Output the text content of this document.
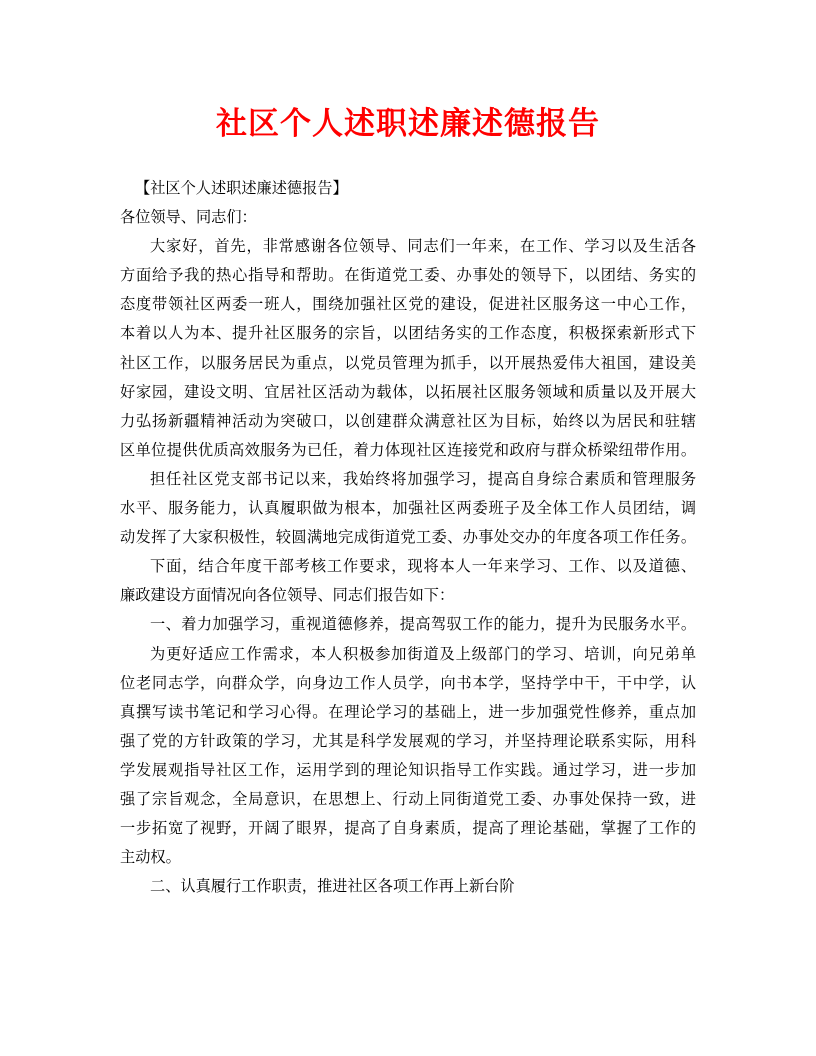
社区个人述职述廉述德报告
【社区个人述职述廉述德报告】
各位领导、同志们：
大家好，首先，非常感谢各位领导、同志们一年来，在工作、学习以及生活各
方面给予我的热心指导和帮助。在街道党工委、办事处的领导下，以团结、务实的
态度带领社区两委一班人，围绕加强社区党的建设，促进社区服务这一中心工作，
本着以人为本、提升社区服务的宗旨，以团结务实的工作态度，积极探索新形式下
社区工作，以服务居民为重点，以党员管理为抓手，以开展热爱伟大祖国，建设美
好家园，建设文明、宜居社区活动为载体，以拓展社区服务领域和质量以及开展大
力弘扬新疆精神活动为突破口，以创建群众满意社区为目标，始终以为居民和驻辖
区单位提供优质高效服务为已任，着力体现社区连接党和政府与群众桥梁纽带作用。
担任社区党支部书记以来，我始终将加强学习，提高自身综合素质和管理服务
水平、服务能力，认真履职做为根本，加强社区两委班子及全体工作人员团结，调
动发挥了大家积极性，较圆满地完成街道党工委、办事处交办的年度各项工作任务。
下面，结合年度干部考核工作要求，现将本人一年来学习、工作、以及道德、
廉政建设方面情况向各位领导、同志们报告如下：
一、着力加强学习，重视道德修养，提高驾驭工作的能力，提升为民服务水平。
为更好适应工作需求，本人积极参加街道及上级部门的学习、培训，向兄弟单
位老同志学，向群众学，向身边工作人员学，向书本学，坚持学中干，干中学，认
真撰写读书笔记和学习心得。在理论学习的基础上，进一步加强党性修养，重点加
强了党的方针政策的学习，尤其是科学发展观的学习，并坚持理论联系实际，用科
学发展观指导社区工作，运用学到的理论知识指导工作实践。通过学习，进一步加
强了宗旨观念，全局意识，在思想上、行动上同街道党工委、办事处保持一致，进
一步拓宽了视野，开阔了眼界，提高了自身素质，提高了理论基础，掌握了工作的
主动权。
二、认真履行工作职责，推进社区各项工作再上新台阶
